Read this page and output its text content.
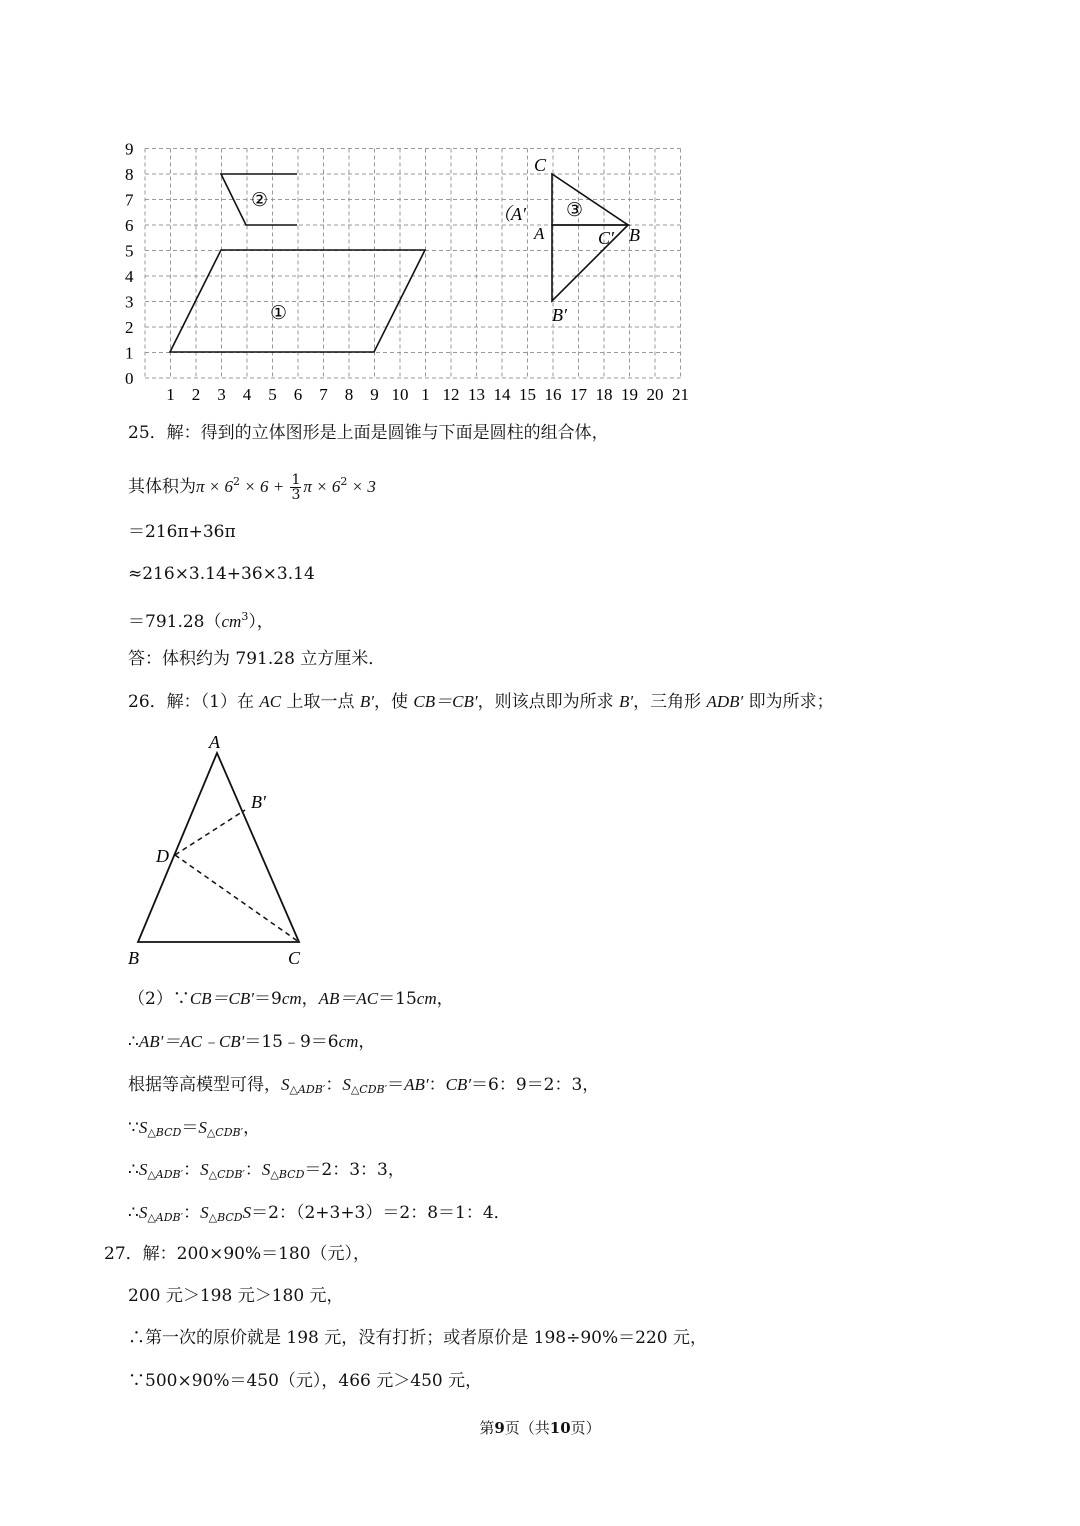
0
1
2
3
4
5
6
7
8
9
1 2 3 4 5 6 7 8 9 10 1 12 13 14 15 16 17 18 19 20 21
①
②	③
C
（A′
A	B
C′
B′
25．解：得到的立体图形是上面是圆锥与下面是圆柱的组合体，
其体积为$\pi \times 6^2 \times 6 + \frac{1}{3}$ $\pi \times 6^2 \times 3$
＝216π+36π
≈216×3.14+36×3.14
$=791.28(cm^3)$，
答：体积约为 791.28 立方厘米．
26．解：（1）在 AC 上取一点 B′，使 CB＝CB′，则该点即为所求 B′，三角形 ADB′ 即为所求；
A
B′
D
B	C
（2）∵CB＝CB′＝9cm，AB＝AC＝15cm，
∴AB'＝AC﹣CB'＝15﹣9＝6cm，
根据等高模型可得，$S_{\triangle ADB'}$：$S_{\triangle CDB'}=AB'$：CB′＝6：9＝2：3，
$\because S_{\triangle BCD}=S_{\triangle CDB'}$，
$\therefore S_{\triangle ADB'}$：$S_{\triangle CDB'}$：$S_{\triangle BCD}=2$：3：3，
$\therefore S_{\triangle ADB'}$：$S_{\triangle BCD}S=2$：（2+3+3）＝2：8＝1：4．
27．解：200×90%＝180（元），
200 元＞198 元＞180 元，
∴第一次的原价就是 198 元，没有打折；或者原价是 198÷90%＝220 元，
∵500×90%＝450（元），466 元＞450 元，
第9页（共10页）
